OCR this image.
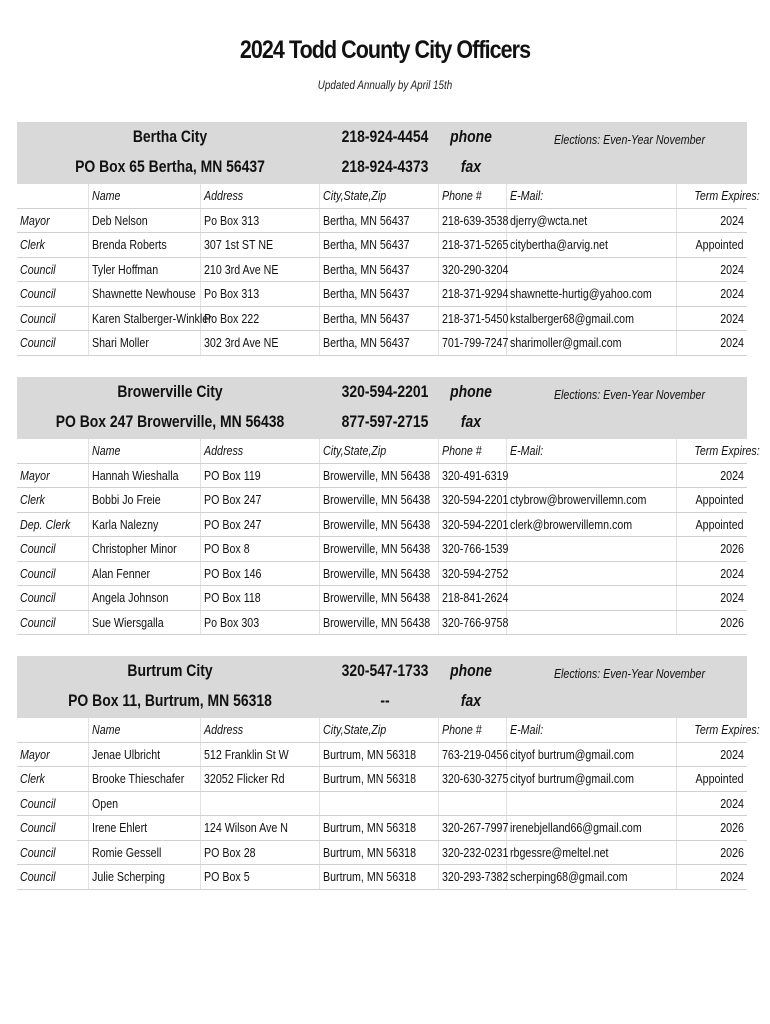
2024 Todd County City Officers
Updated Annually by April 15th
Bertha City
PO Box 65 Bertha, MN 56437
218-924-4454
218-924-4373
phone
fax
Elections: Even-Year November
	Name	Address	City,State,Zip	Phone #	E-Mail:	Term Expires:
Mayor	Deb Nelson	Po Box 313	Bertha, MN 56437	218-639-3538	djerry@wcta.net	2024
Clerk	Brenda Roberts	307 1st ST NE	Bertha, MN 56437	218-371-5265	citybertha@arvig.net	Appointed
Council	Tyler Hoffman	210 3rd Ave NE	Bertha, MN 56437	320-290-3204		2024
Council	Shawnette Newhouse	Po Box 313	Bertha, MN 56437	218-371-9294	shawnette-hurtig@yahoo.com	2024
Council	Karen Stalberger-Winkler	Po Box 222	Bertha, MN 56437	218-371-5450	kstalberger68@gmail.com	2024
Council	Shari Moller	302 3rd Ave NE	Bertha, MN 56437	701-799-7247	sharimoller@gmail.com	2024
Browerville City
PO Box 247 Browerville, MN 56438
320-594-2201
877-597-2715
phone
fax
Elections: Even-Year November
	Name	Address	City,State,Zip	Phone #	E-Mail:	Term Expires:
Mayor	Hannah Wieshalla	PO Box 119	Browerville, MN 56438	320-491-6319		2024
Clerk	Bobbi Jo Freie	PO Box 247	Browerville, MN 56438	320-594-2201	ctybrow@browervillemn.com	Appointed
Dep. Clerk	Karla Nalezny	PO Box 247	Browerville, MN 56438	320-594-2201	clerk@browervillemn.com	Appointed
Council	Christopher Minor	PO Box 8	Browerville, MN 56438	320-766-1539		2026
Council	Alan Fenner	PO Box 146	Browerville, MN 56438	320-594-2752		2024
Council	Angela Johnson	PO Box 118	Browerville, MN 56438	218-841-2624		2024
Council	Sue Wiersgalla	Po Box 303	Browerville, MN 56438	320-766-9758		2026
Burtrum City
PO Box 11, Burtrum, MN 56318
320-547-1733
--
phone
fax
Elections: Even-Year November
	Name	Address	City,State,Zip	Phone #	E-Mail:	Term Expires:
Mayor	Jenae Ulbricht	512 Franklin St W	Burtrum, MN 56318	763-219-0456	cityof burtrum@gmail.com	2024
Clerk	Brooke Thieschafer	32052 Flicker Rd	Burtrum, MN 56318	320-630-3275	cityof burtrum@gmail.com	Appointed
Council	Open					2024
Council	Irene Ehlert	124 Wilson Ave N	Burtrum, MN 56318	320-267-7997	irenebjelland66@gmail.com	2026
Council	Romie Gessell	PO Box 28	Burtrum, MN 56318	320-232-0231	rbgessre@meltel.net	2026
Council	Julie Scherping	PO Box 5	Burtrum, MN 56318	320-293-7382	scherping68@gmail.com	2024
